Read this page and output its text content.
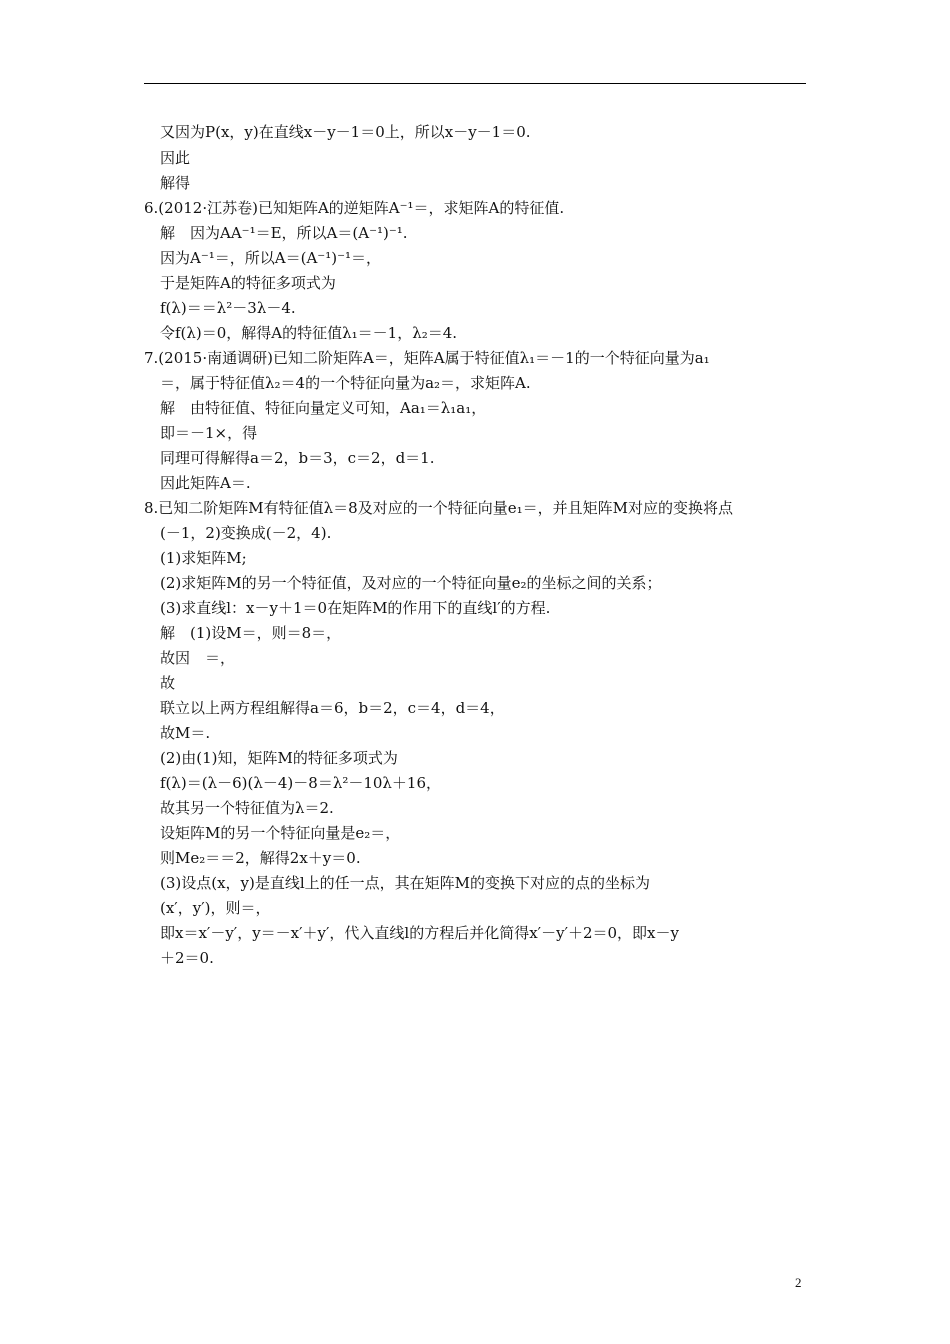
又因为P(x，y)在直线x－y－1＝0上，所以x－y－1＝0.
因此
解得
6.(2012·江苏卷)已知矩阵A的逆矩阵A⁻¹＝，求矩阵A的特征值.
解　因为AA⁻¹＝E，所以A＝(A⁻¹)⁻¹.
因为A⁻¹＝，所以A＝(A⁻¹)⁻¹＝，
于是矩阵A的特征多项式为
f(λ)＝＝λ²－3λ－4.
令f(λ)＝0，解得A的特征值λ₁＝－1，λ₂＝4.
7.(2015·南通调研)已知二阶矩阵A＝，矩阵A属于特征值λ₁＝－1的一个特征向量为a₁
＝，属于特征值λ₂＝4的一个特征向量为a₂＝，求矩阵A.
解　由特征值、特征向量定义可知，Aa₁＝λ₁a₁，
即＝－1×，得
同理可得解得a＝2，b＝3，c＝2，d＝1.
因此矩阵A＝.
8.已知二阶矩阵M有特征值λ＝8及对应的一个特征向量e₁＝，并且矩阵M对应的变换将点
(－1，2)变换成(－2，4).
(1)求矩阵M;
(2)求矩阵M的另一个特征值，及对应的一个特征向量e₂的坐标之间的关系；
(3)求直线l：x－y＋1＝0在矩阵M的作用下的直线l′的方程.
解　(1)设M＝，则＝8＝，
故因　＝，
故
联立以上两方程组解得a＝6，b＝2，c＝4，d＝4，
故M＝.
(2)由(1)知，矩阵M的特征多项式为
f(λ)＝(λ－6)(λ－4)－8＝λ²－10λ＋16，
故其另一个特征值为λ＝2.
设矩阵M的另一个特征向量是e₂＝，
则Me₂＝＝2，解得2x＋y＝0.
(3)设点(x，y)是直线l上的任一点，其在矩阵M的变换下对应的点的坐标为
(x′，y′)，则＝，
即x＝x′－y′，y＝－x′＋y′，代入直线l的方程后并化简得x′－y′＋2＝0，即x－y
＋2＝0.
2
